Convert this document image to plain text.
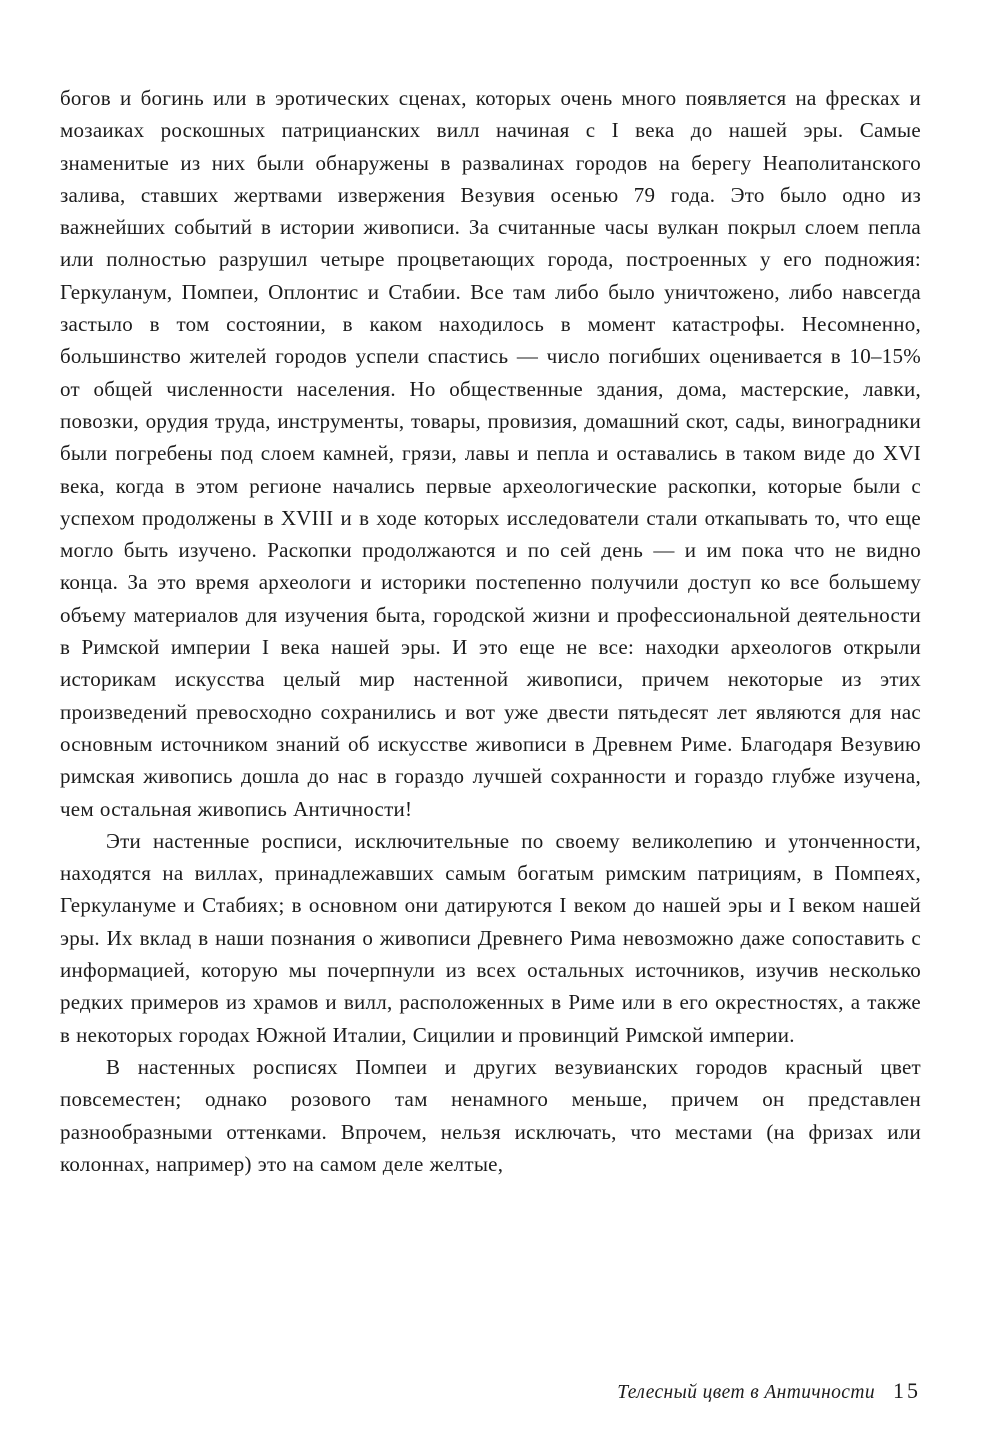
богов и богинь или в эротических сценах, которых очень много появляется на фресках и мозаиках роскошных патрицианских вилл начиная с I века до нашей эры. Самые знаменитые из них были обнаружены в развалинах городов на берегу Неаполитанского залива, ставших жертвами извержения Везувия осенью 79 года. Это было одно из важнейших событий в истории живописи. За считанные часы вулкан покрыл слоем пепла или полностью разрушил четыре процветающих города, построенных у его подножия: Геркуланум, Помпеи, Оплонтис и Стабии. Все там либо было уничтожено, либо навсегда застыло в том состоянии, в каком находилось в момент катастрофы. Несомненно, большинство жителей городов успели спастись — число погибших оценивается в 10–15% от общей численности населения. Но общественные здания, дома, мастерские, лавки, повозки, орудия труда, инструменты, товары, провизия, домашний скот, сады, виноградники были погребены под слоем камней, грязи, лавы и пепла и оставались в таком виде до XVI века, когда в этом регионе начались первые археологические раскопки, которые были с успехом продолжены в XVIII и в ходе которых исследователи стали откапывать то, что еще могло быть изучено. Раскопки продолжаются и по сей день — и им пока что не видно конца. За это время археологи и историки постепенно получили доступ ко все большему объему материалов для изучения быта, городской жизни и профессиональной деятельности в Римской империи I века нашей эры. И это еще не все: находки археологов открыли историкам искусства целый мир настенной живописи, причем некоторые из этих произведений превосходно сохранились и вот уже двести пятьдесят лет являются для нас основным источником знаний об искусстве живописи в Древнем Риме. Благодаря Везувию римская живопись дошла до нас в гораздо лучшей сохранности и гораздо глубже изучена, чем остальная живопись Античности!

Эти настенные росписи, исключительные по своему великолепию и утонченности, находятся на виллах, принадлежавших самым богатым римским патрициям, в Помпеях, Геркулануме и Стабиях; в основном они датируются I веком до нашей эры и I веком нашей эры. Их вклад в наши познания о живописи Древнего Рима невозможно даже сопоставить с информацией, которую мы почерпнули из всех остальных источников, изучив несколько редких примеров из храмов и вилл, расположенных в Риме или в его окрестностях, а также в некоторых городах Южной Италии, Сицилии и провинций Римской империи.

В настенных росписях Помпеи и других везувианских городов красный цвет повсеместен; однако розового там ненамного меньше, причем он представлен разнообразными оттенками. Впрочем, нельзя исключать, что местами (на фризах или колоннах, например) это на самом деле желтые,

Телесный цвет в Античности 15
